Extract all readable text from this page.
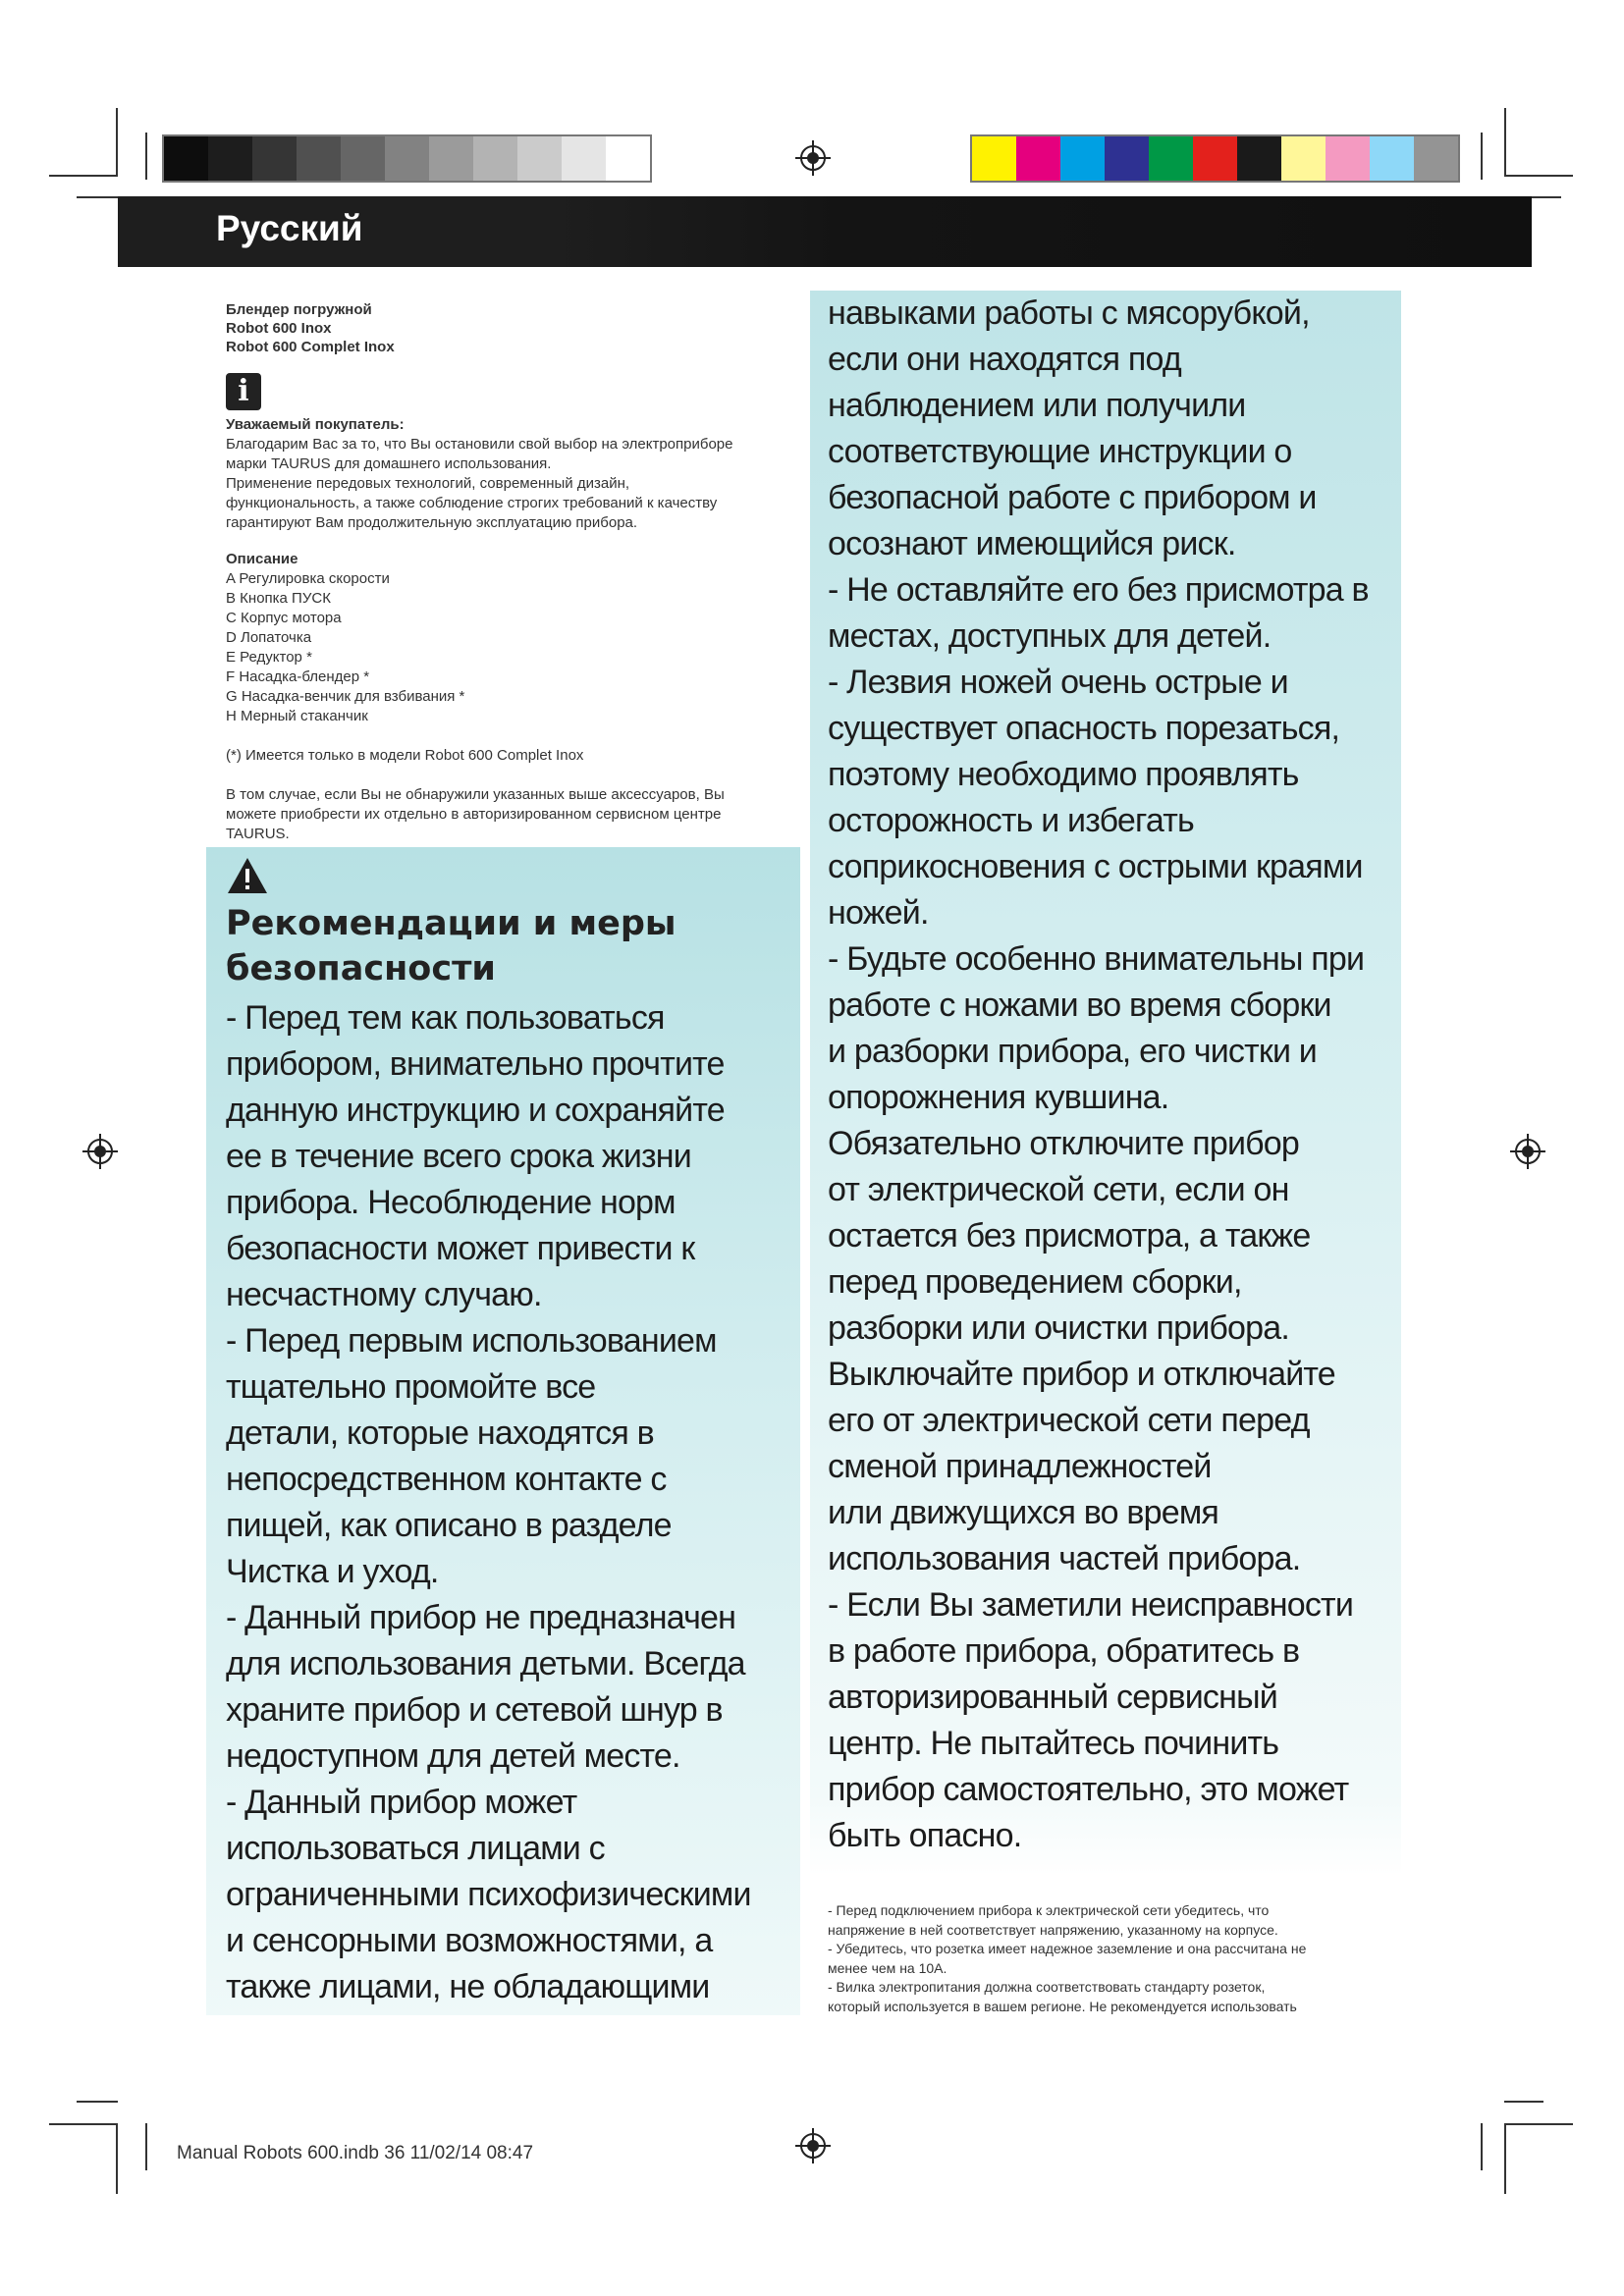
Русский
Блендер погружной
Robot 600 Inox
Robot 600 Complet Inox
i
Уважаемый покупатель:
Благодарим Вас за то, что Вы остановили свой выбор на электроприборе
марки TAURUS для домашнего использования.
Применение передовых технологий, современный дизайн,
функциональность, а также соблюдение строгих требований к качеству
гарантируют Вам продолжительную эксплуатацию прибора.
Описание
A Регулировка скорости
B Кнопка ПУСК
C Корпус мотора
D Лопаточка
E Редуктор *
F Насадка-блендер *
G Насадка-венчик для взбивания *
H Мерный стаканчик
(*) Имеется только в модели Robot 600 Complet Inox
В том случае, если Вы не обнаружили указанных выше аксессуаров, Вы
можете приобрести их отдельно в авторизированном сервисном центре
TAURUS.
Рекомендации и меры
безопасности

- Перед тем как пользоваться

прибором, внимательно прочтите

данную инструкцию и сохраняйте

ее в течение всего срока жизни

прибора. Несоблюдение норм

безопасности может привести к

несчастному случаю.

- Перед первым использованием

тщательно промойте все

детали, которые находятся в

непосредственном контакте с

пищей, как описано в разделе

Чистка и уход.

- Данный прибор не предназначен

для использования детьми. Всегда

храните прибор и сетевой шнур в

недоступном для детей месте.

- Данный прибор может

использоваться лицами с

ограниченными психофизическими

и сенсорными возможностями, а

также лицами, не обладающими

навыками работы с мясорубкой,

если они находятся под

наблюдением или получили

соответствующие инструкции о

безопасной работе с прибором и

осознают имеющийся риск.

- Не оставляйте его без присмотра в

местах, доступных для детей.

- Лезвия ножей очень острые и

существует опасность порезаться,

поэтому необходимо проявлять

осторожность и избегать

соприкосновения с острыми краями

ножей.

- Будьте особенно внимательны при

работе с ножами во время сборки

и разборки прибора, его чистки и

опорожнения кувшина.

Обязательно отключите прибор

от электрической сети, если он

остается без присмотра, а также

перед проведением сборки,

разборки или очистки прибора.

Выключайте прибор и отключайте

его от электрической сети перед

сменой принадлежностей

или движущихся во время

использования частей прибора.

- Если Вы заметили неисправности

в работе прибора, обратитесь в

авторизированный сервисный

центр. Не пытайтесь починить

прибор самостоятельно, это может

быть опасно.

- Перед подключением прибора к электрической сети убедитесь, что
напряжение в ней соответствует напряжению, указанному на корпусе.
- Убедитесь, что розетка имеет надежное заземление и она рассчитана не
менее чем на 10А.
- Вилка электропитания должна соответствовать стандарту розеток,
который используется в вашем регионе. Не рекомендуется использовать
Manual Robots 600.indb 36 11/02/14 08:47
